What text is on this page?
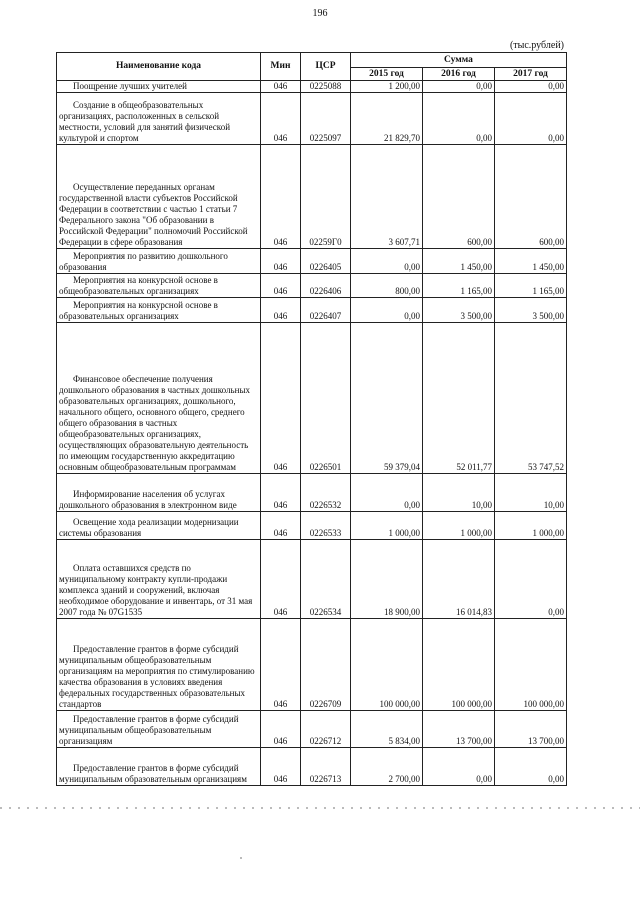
196
(тыс.рублей)
Наименование кода	Мин	ЦСР	Сумма		
			2015 год	2016 год	2017 год

Поощрение лучших учителей	046	0225088	1 200,00	0,00	0,00

Создание в общеобразовательных организациях, расположенных в сельской местности, условий для занятий физической культурой и спортом	046	0225097	21 829,70	0,00	0,00

Осуществление переданных органам государственной власти субъектов Российской Федерации в соответствии с частью 1 статьи 7 Федерального закона "Об образовании в Российской Федерации" полномочий Российской Федерации в сфере образования	046	02259Г0	3 607,71	600,00	600,00

Мероприятия по развитию дошкольного образования	046	0226405	0,00	1 450,00	1 450,00

Мероприятия на конкурсной основе в общеобразовательных организациях	046	0226406	800,00	1 165,00	1 165,00

Мероприятия на конкурсной основе в образовательных организациях	046	0226407	0,00	3 500,00	3 500,00

Финансовое обеспечение получения дошкольного образования в частных дошкольных образовательных организациях, дошкольного, начального общего, основного общего, среднего общего образования в частных общеобразовательных организациях, осуществляющих образовательную деятельность по имеющим государственную аккредитацию основным общеобразовательным программам	046	0226501	59 379,04	52 011,77	53 747,52

Информирование населения об услугах дошкольного образования в электронном виде	046	0226532	0,00	10,00	10,00

Освещение хода реализации модернизации системы образования	046	0226533	1 000,00	1 000,00	1 000,00

Оплата оставшихся средств по муниципальному контракту купли-продажи комплекса зданий и сооружений, включая необходимое оборудование и инвентарь, от 31 мая 2007 года № 07G1535	046	0226534	18 900,00	16 014,83	0,00

Предоставление грантов в форме субсидий муниципальным общеобразовательным организациям на мероприятия по стимулированию качества образования в условиях введения федеральных государственных образовательных стандартов	046	0226709	100 000,00	100 000,00	100 000,00

Предоставление грантов в форме субсидий муниципальным общеобразовательным организациям	046	0226712	5 834,00	13 700,00	13 700,00

Предоставление грантов в форме субсидий муниципальным образовательным организациям	046	0226713	2 700,00	0,00	0,00
